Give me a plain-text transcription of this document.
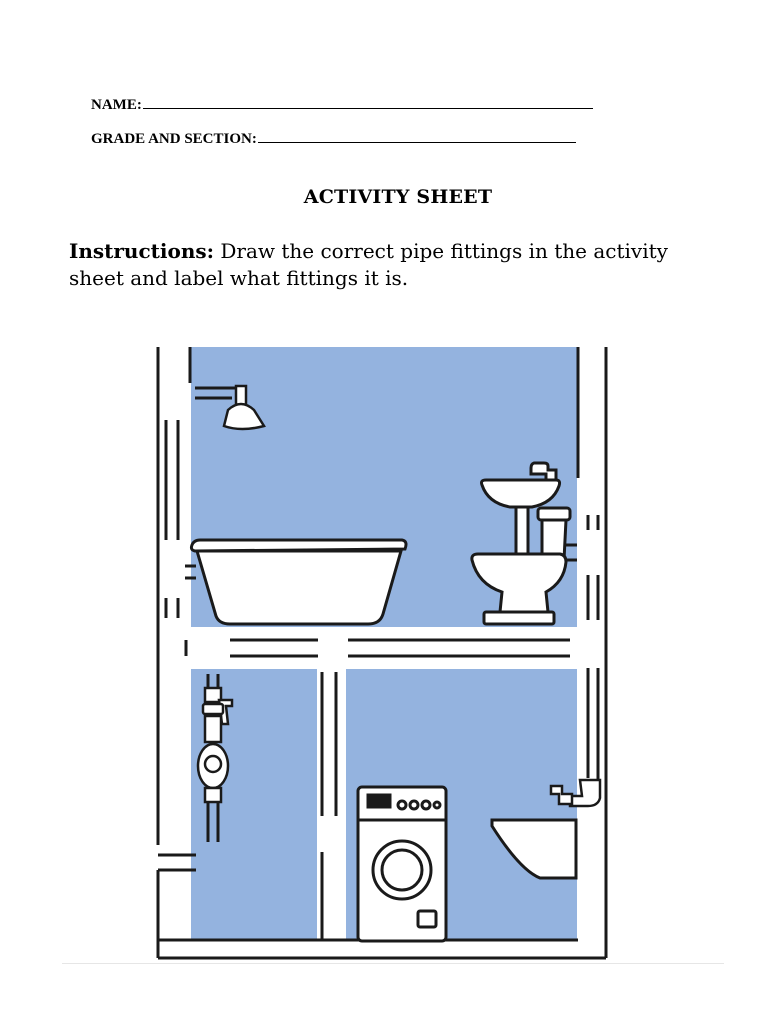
NAME:
GRADE AND SECTION:
ACTIVITY SHEET
Instructions: Draw the correct pipe fittings in the activity sheet and label what fittings it is.
